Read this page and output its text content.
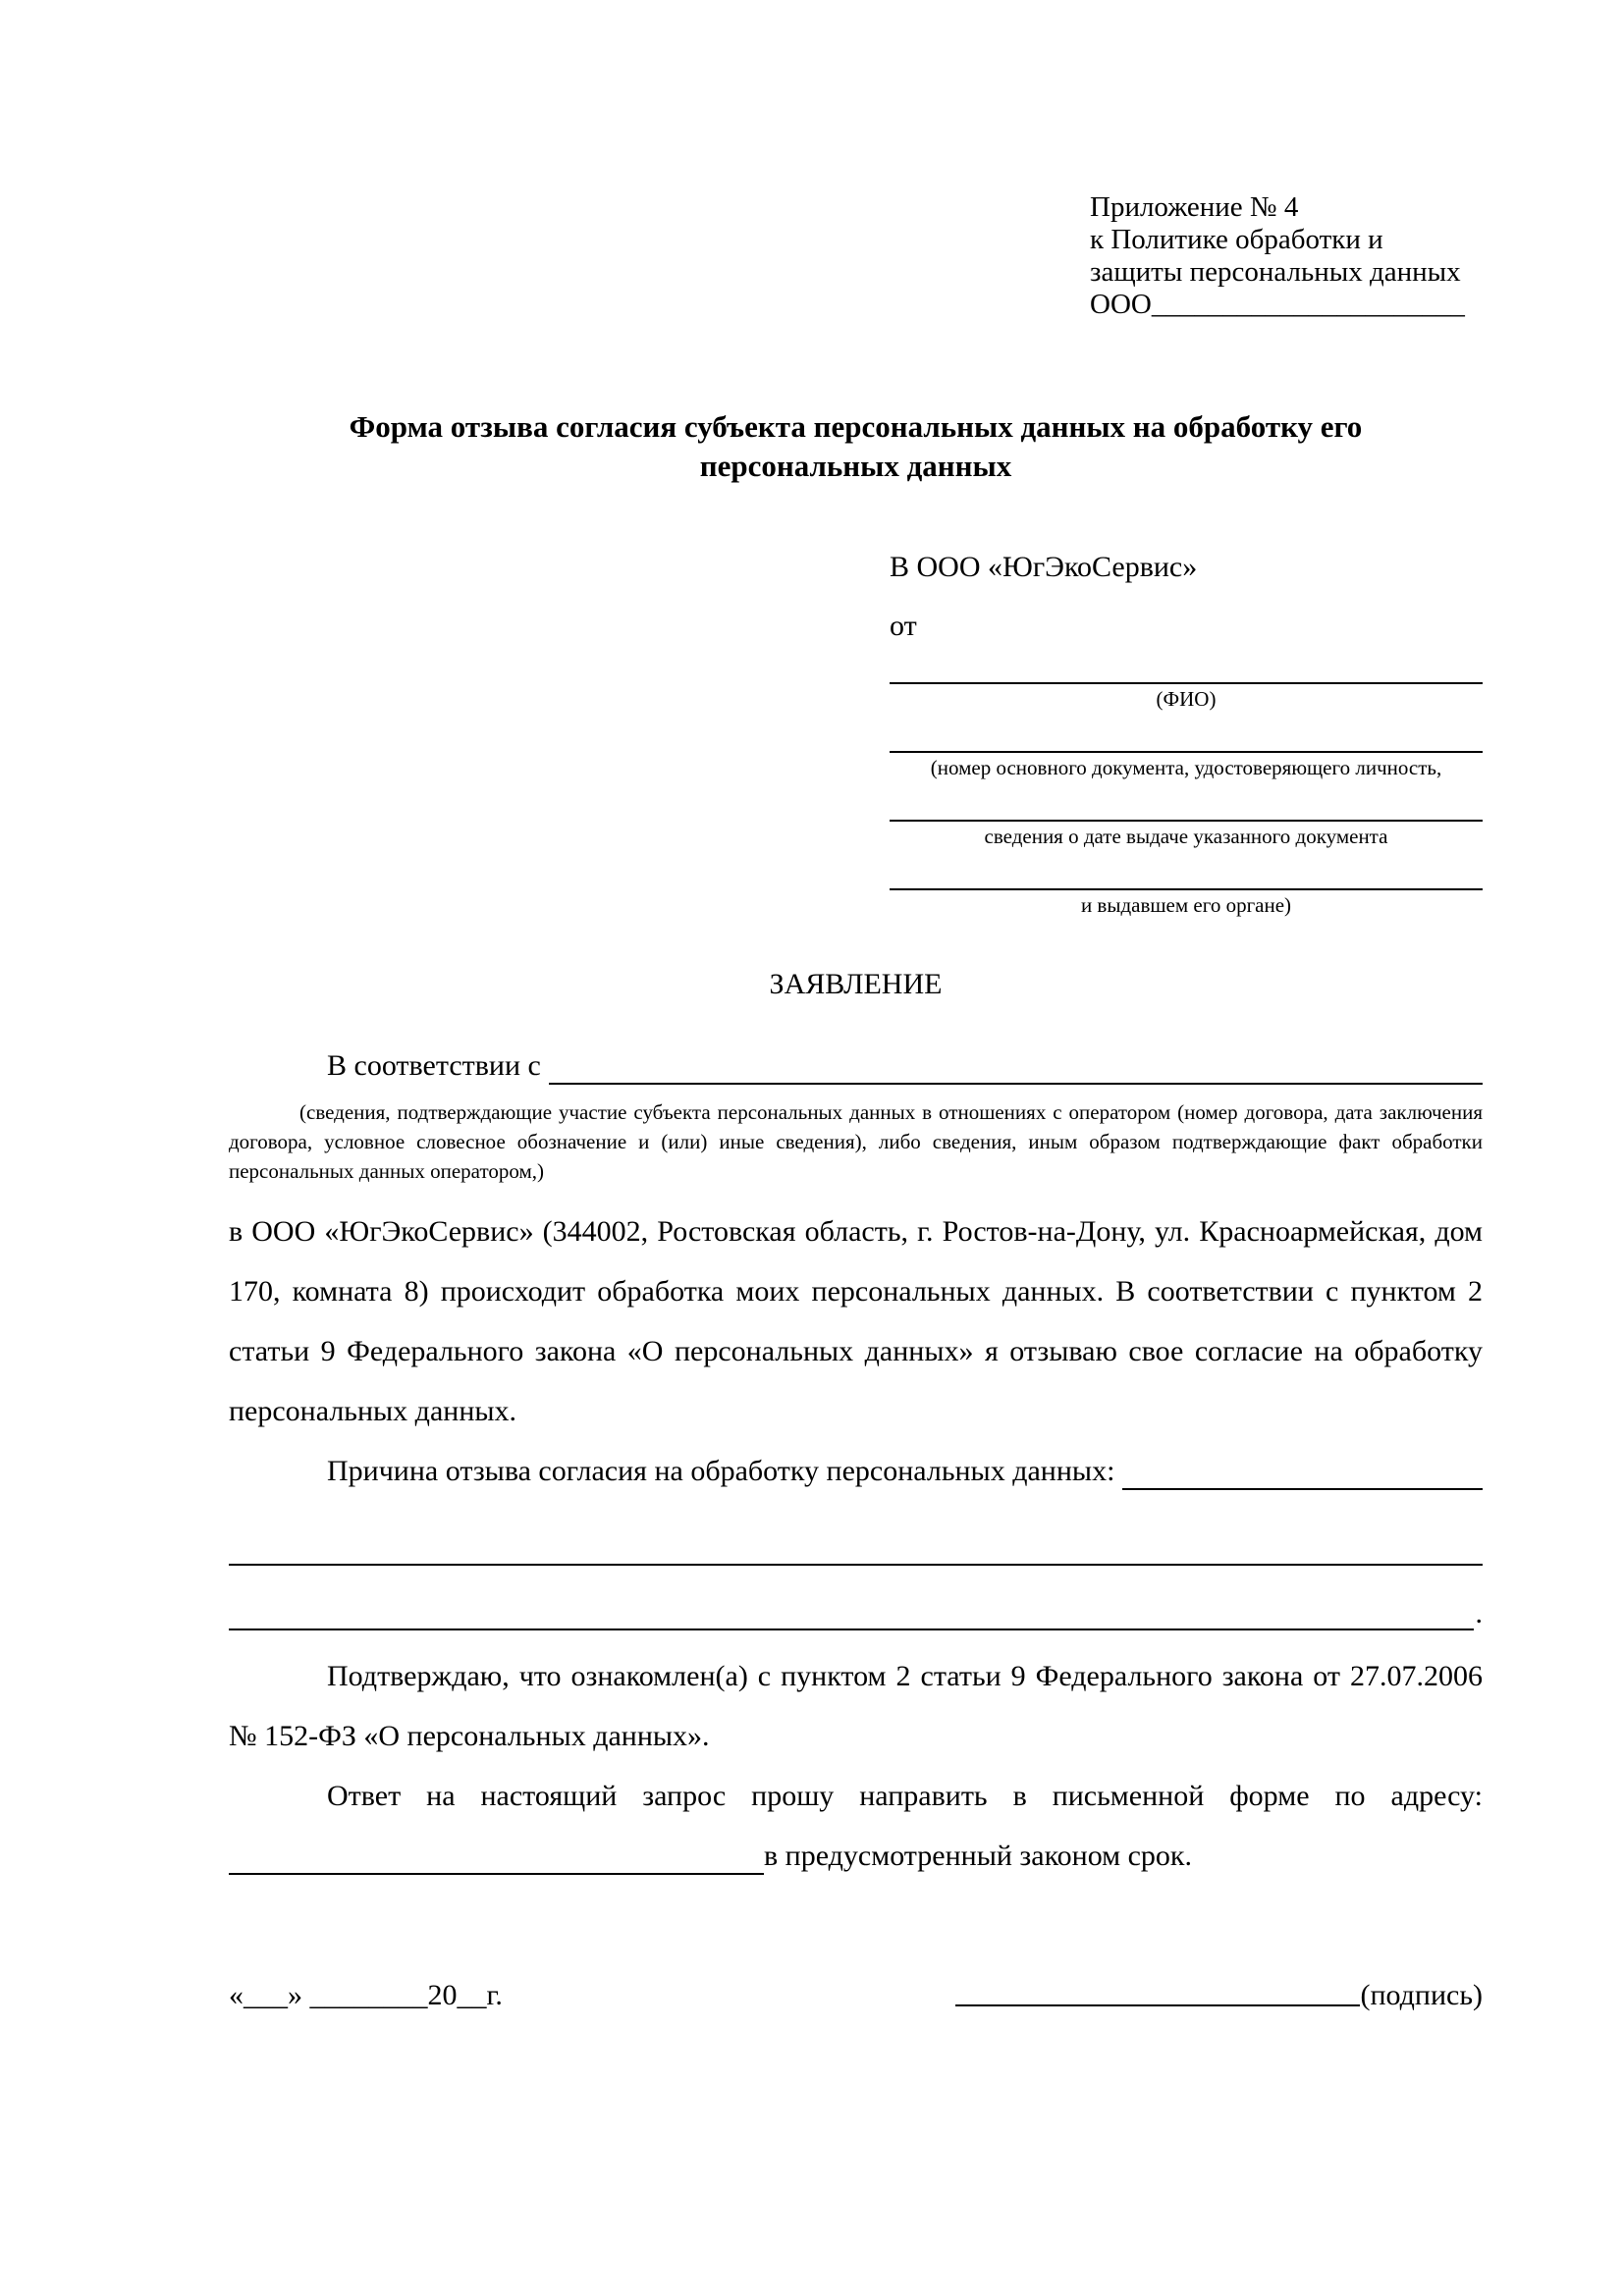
Приложение № 4
к Политике обработки и
защиты персональных данных
ООО______________________
Форма отзыва согласия субъекта персональных данных на обработку его персональных данных
В ООО «ЮгЭкоСервис»
от
(ФИО)
(номер основного документа, удостоверяющего личность,
сведения о дате выдаче указанного документа
и выдавшем его органе)
ЗАЯВЛЕНИЕ
В соответствии с
(сведения, подтверждающие участие субъекта персональных данных в отношениях с оператором (номер договора, дата заключения договора, условное словесное обозначение и (или) иные сведения), либо сведения, иным образом подтверждающие факт обработки персональных данных оператором,)
в ООО «ЮгЭкоСервис» (344002, Ростовская область, г. Ростов-на-Дону, ул. Красноармейская, дом 170, комната 8) происходит обработка моих персональных данных. В соответствии с пунктом 2 статьи 9 Федерального закона «О персональных данных» я отзываю свое согласие на обработку персональных данных.
Причина отзыва согласия на обработку персональных данных:
.
Подтверждаю, что ознакомлен(а) с пунктом 2 статьи 9 Федерального закона от 27.07.2006 № 152-ФЗ «О персональных данных».
Ответ на настоящий запрос прошу направить в письменной форме по адресу:
в предусмотренный законом срок.
«___» ________20__г.	(подпись)
